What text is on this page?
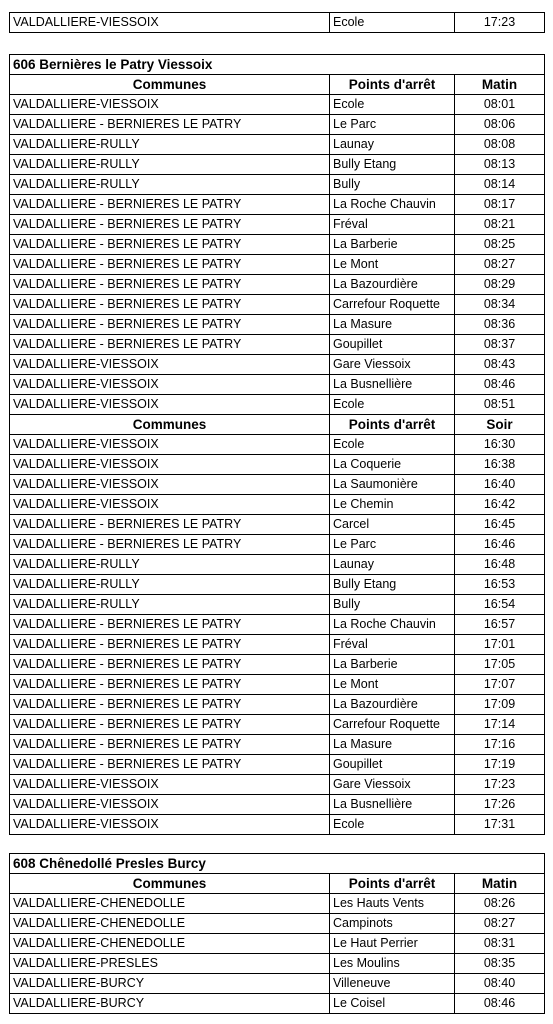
VALDALLIERE-VIESSOIX	Ecole	17:23
606 Bernières le Patry Viessoix		
Communes	Points d'arrêt	Matin
VALDALLIERE-VIESSOIX	Ecole	08:01
VALDALLIERE - BERNIERES LE PATRY	Le Parc	08:06
VALDALLIERE-RULLY	Launay	08:08
VALDALLIERE-RULLY	Bully Etang	08:13
VALDALLIERE-RULLY	Bully	08:14
VALDALLIERE - BERNIERES LE PATRY	La Roche Chauvin	08:17
VALDALLIERE - BERNIERES LE PATRY	Fréval	08:21
VALDALLIERE - BERNIERES LE PATRY	La Barberie	08:25
VALDALLIERE - BERNIERES LE PATRY	Le Mont	08:27
VALDALLIERE - BERNIERES LE PATRY	La Bazourdière	08:29
VALDALLIERE - BERNIERES LE PATRY	Carrefour Roquette	08:34
VALDALLIERE - BERNIERES LE PATRY	La Masure	08:36
VALDALLIERE - BERNIERES LE PATRY	Goupillet	08:37
VALDALLIERE-VIESSOIX	Gare Viessoix	08:43
VALDALLIERE-VIESSOIX	La Busnellière	08:46
VALDALLIERE-VIESSOIX	Ecole	08:51
Communes	Points d'arrêt	Soir
VALDALLIERE-VIESSOIX	Ecole	16:30
VALDALLIERE-VIESSOIX	La Coquerie	16:38
VALDALLIERE-VIESSOIX	La Saumonière	16:40
VALDALLIERE-VIESSOIX	Le Chemin	16:42
VALDALLIERE - BERNIERES LE PATRY	Carcel	16:45
VALDALLIERE - BERNIERES LE PATRY	Le Parc	16:46
VALDALLIERE-RULLY	Launay	16:48
VALDALLIERE-RULLY	Bully Etang	16:53
VALDALLIERE-RULLY	Bully	16:54
VALDALLIERE - BERNIERES LE PATRY	La Roche Chauvin	16:57
VALDALLIERE - BERNIERES LE PATRY	Fréval	17:01
VALDALLIERE - BERNIERES LE PATRY	La Barberie	17:05
VALDALLIERE - BERNIERES LE PATRY	Le Mont	17:07
VALDALLIERE - BERNIERES LE PATRY	La Bazourdière	17:09
VALDALLIERE - BERNIERES LE PATRY	Carrefour Roquette	17:14
VALDALLIERE - BERNIERES LE PATRY	La Masure	17:16
VALDALLIERE - BERNIERES LE PATRY	Goupillet	17:19
VALDALLIERE-VIESSOIX	Gare Viessoix	17:23
VALDALLIERE-VIESSOIX	La Busnellière	17:26
VALDALLIERE-VIESSOIX	Ecole	17:31
608 Chênedollé Presles Burcy		
Communes	Points d'arrêt	Matin
VALDALLIERE-CHENEDOLLE	Les Hauts Vents	08:26
VALDALLIERE-CHENEDOLLE	Campinots	08:27
VALDALLIERE-CHENEDOLLE	Le Haut Perrier	08:31
VALDALLIERE-PRESLES	Les Moulins	08:35
VALDALLIERE-BURCY	Villeneuve	08:40
VALDALLIERE-BURCY	Le Coisel	08:46
